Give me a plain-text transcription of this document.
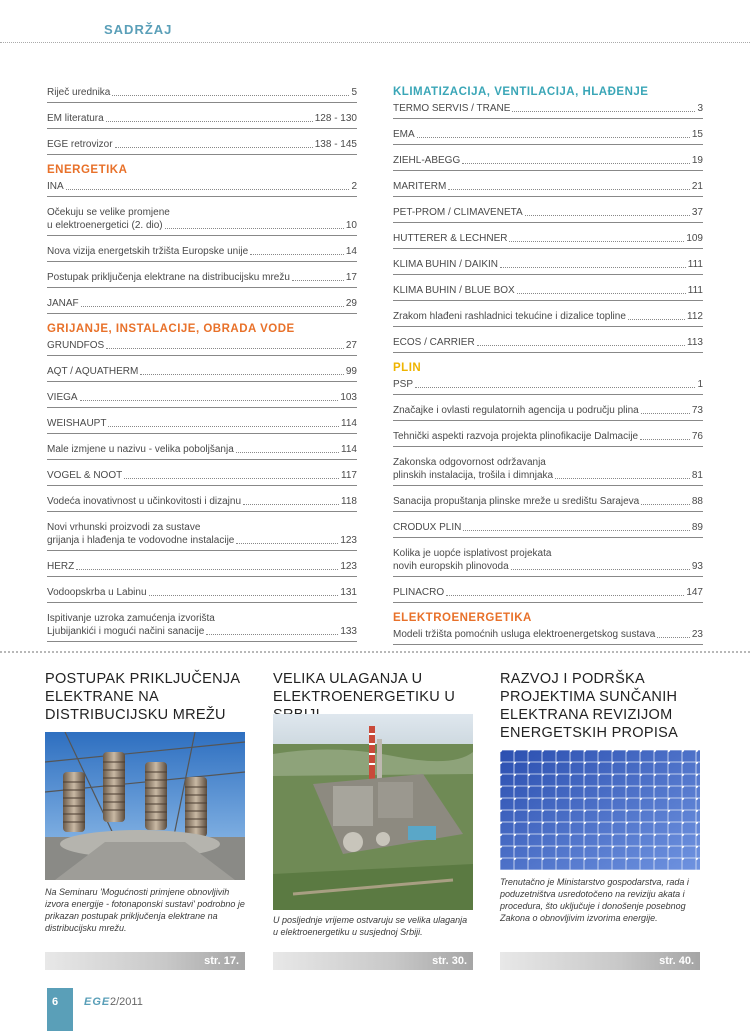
SADRŽAJ
Riječ urednika	5
EM literatura	128 - 130
EGE retrovizor	138 - 145
ENERGETIKA
INA	2
Očekuju se velike promjene
u elektroenergetici (2. dio)	10
Nova vizija energetskih tržišta Europske unije	14
Postupak priključenja elektrane na distribucijsku mrežu	17
JANAF	29
GRIJANJE, INSTALACIJE, OBRADA VODE
GRUNDFOS	27
AQT / AQUATHERM	99
VIEGA	103
WEISHAUPT	114
Male izmjene u nazivu - velika poboljšanja	114
VOGEL & NOOT	117
Vodeća inovativnost u učinkovitosti i dizajnu	118
Novi vrhunski proizvodi za sustave
grijanja i hlađenja te vodovodne instalacije	123
HERZ	123
Vodoopskrba u Labinu	131
Ispitivanje uzroka zamućenja izvorišta
Ljubijankići i mogući načini sanacije	133
KLIMATIZACIJA, VENTILACIJA, HLAĐENJE
TERMO SERVIS / TRANE	3
EMA	15
ZIEHL-ABEGG	19
MARITERM	21
PET-PROM / CLIMAVENETA	37
HUTTERER & LECHNER	109
KLIMA BUHIN / DAIKIN	111
KLIMA BUHIN / BLUE BOX	111
Zrakom hlađeni rashladnici tekućine i dizalice topline	112
ECOS / CARRIER	113
PLIN
PSP	1
Značajke i ovlasti regulatornih agencija u području plina	73
Tehnički aspekti razvoja projekta plinofikacije Dalmacije	76
Zakonska odgovornost održavanja
plinskih instalacija, trošila i dimnjaka	81
Sanacija propuštanja plinske mreže u središtu Sarajeva	88
CRODUX PLIN	89
Kolika je uopće isplativost projekata
novih europskih plinovoda	93
PLINACRO	147
ELEKTROENERGETIKA
Modeli tržišta pomoćnih usluga elektroenergetskog sustava	23
POSTUPAK PRIKLJUČENJA
ELEKTRANE NA
DISTRIBUCIJSKU MREŽU
Na Seminaru 'Mogućnosti primjene obnovljivih izvora energije - fotonaponski sustavi' podrobno je prikazan postupak priključenja elektrane na distribucijsku mrežu.
str. 17.
VELIKA ULAGANJA U
ELEKTROENERGETIKU U
U posljednje vrijeme ostvaruju se velika ulaganja u elektroenergetiku u susjednoj Srbiji.
str. 30.
RAZVOJ I PODRŠKA
PROJEKTIMA SUNČANIH
ELEKTRANA REVIZIJOM
ENERGETSKIH PROPISA
Trenutačno je Ministarstvo gospodarstva, rada i poduzetništva usredotočeno na reviziju akata i procedura, što uključuje i donošenje posebnog Zakona o obnovljivim izvorima energije.
str. 40.
6 EGE 2/2011
